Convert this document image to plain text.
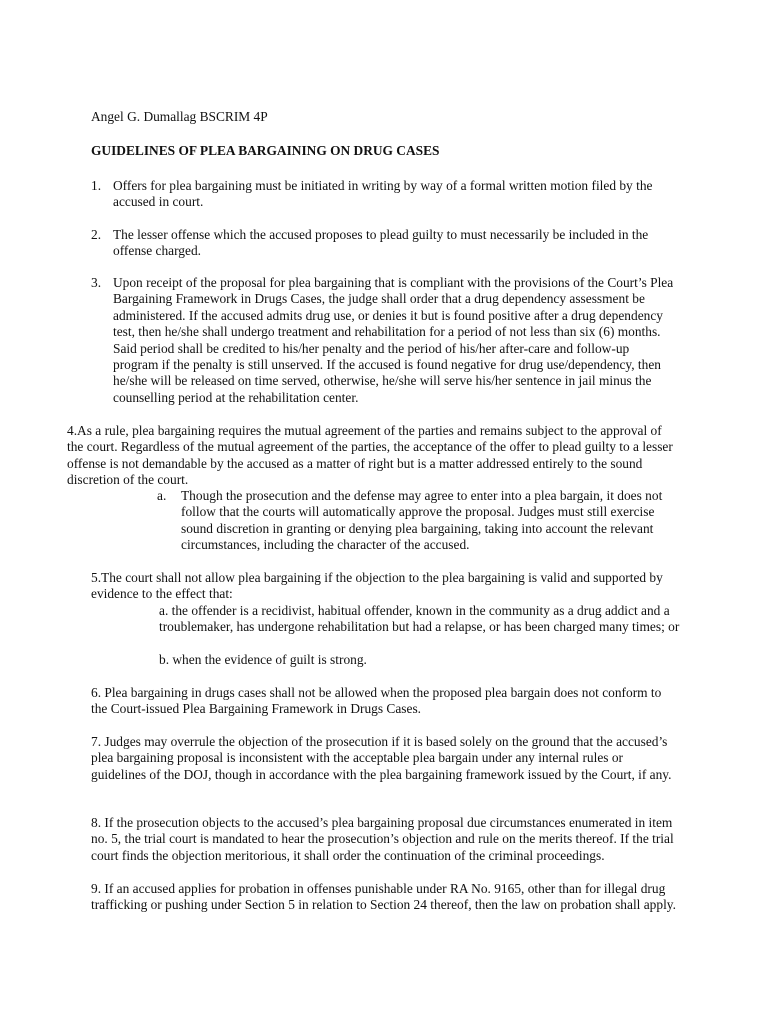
Angel G. Dumallag BSCRIM 4P

GUIDELINES OF PLEA BARGAINING ON DRUG CASES

1. Offers for plea bargaining must be initiated in writing by way of a formal written motion filed by the accused in court.
2. The lesser offense which the accused proposes to plead guilty to must necessarily be included in the offense charged.
3. Upon receipt of the proposal for plea bargaining that is compliant with the provisions of the Court’s Plea Bargaining Framework in Drugs Cases, the judge shall order that a drug dependency assessment be administered. If the accused admits drug use, or denies it but is found positive after a drug dependency test, then he/she shall undergo treatment and rehabilitation for a period of not less than six (6) months. Said period shall be credited to his/her penalty and the period of his/her after-care and follow-up program if the penalty is still unserved. If the accused is found negative for drug use/dependency, then he/she will be released on time served, otherwise, he/she will serve his/her sentence in jail minus the counselling period at the rehabilitation center.

4.As a rule, plea bargaining requires the mutual agreement of the parties and remains subject to the approval of the court. Regardless of the mutual agreement of the parties, the acceptance of the offer to plead guilty to a lesser offense is not demandable by the accused as a matter of right but is a matter addressed entirely to the sound discretion of the court.

a. Though the prosecution and the defense may agree to enter into a plea bargain, it does not follow that the courts will automatically approve the proposal. Judges must still exercise sound discretion in granting or denying plea bargaining, taking into account the relevant circumstances, including the character of the accused.

5.The court shall not allow plea bargaining if the objection to the plea bargaining is valid and supported by evidence to the effect that:

a. the offender is a recidivist, habitual offender, known in the community as a drug addict and a troublemaker, has undergone rehabilitation but had a relapse, or has been charged many times; or

b. when the evidence of guilt is strong.

6. Plea bargaining in drugs cases shall not be allowed when the proposed plea bargain does not conform to the Court-issued Plea Bargaining Framework in Drugs Cases.

7. Judges may overrule the objection of the prosecution if it is based solely on the ground that the accused’s plea bargaining proposal is inconsistent with the acceptable plea bargain under any internal rules or guidelines of the DOJ, though in accordance with the plea bargaining framework issued by the Court, if any.

8. If the prosecution objects to the accused’s plea bargaining proposal due circumstances enumerated in item no. 5, the trial court is mandated to hear the prosecution’s objection and rule on the merits thereof. If the trial court finds the objection meritorious, it shall order the continuation of the criminal proceedings.

9. If an accused applies for probation in offenses punishable under RA No. 9165, other than for illegal drug trafficking or pushing under Section 5 in relation to Section 24 thereof, then the law on probation shall apply.
